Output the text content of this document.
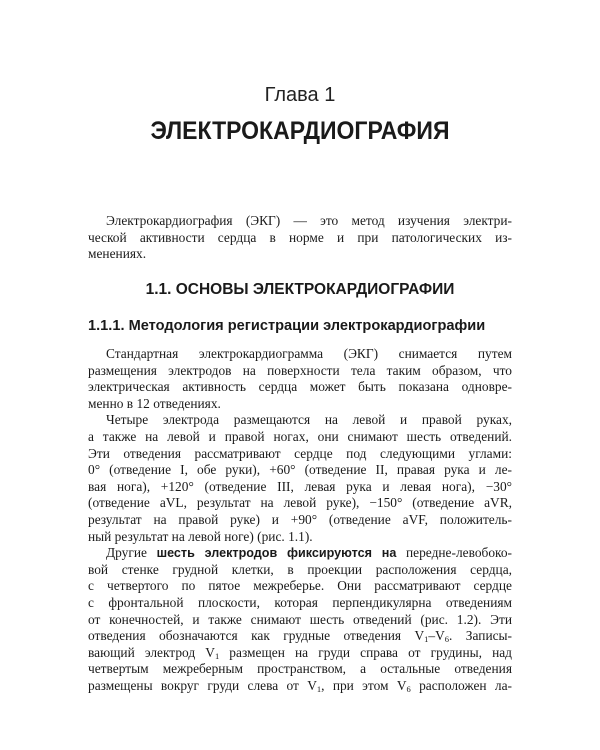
Глава 1
ЭЛЕКТРОКАРДИОГРАФИЯ
Электрокардиография (ЭКГ) — это метод изучения электри-
ческой активности сердца в норме и при патологических из-
менениях.
1.1. ОСНОВЫ ЭЛЕКТРОКАРДИОГРАФИИ
1.1.1. Методология регистрации электрокардиографии
Стандартная электрокардиограмма (ЭКГ) снимается путем
размещения электродов на поверхности тела таким образом, что
электрическая активность сердца может быть показана одновре-
менно в 12 отведениях.
Четыре электрода размещаются на левой и правой руках,
а также на левой и правой ногах, они снимают шесть отведений.
Эти отведения рассматривают сердце под следующими углами:
0° (отведение I, обе руки), +60° (отведение II, правая рука и ле-
вая нога), +120° (отведение III, левая рука и левая нога), −30°
(отведение aVL, результат на левой руке), −150° (отведение aVR,
результат на правой руке) и +90° (отведение aVF, положитель-
ный результат на левой ноге) (рис. 1.1).
Другие шесть электродов фиксируются на передне-левобоко-
вой стенке грудной клетки, в проекции расположения сердца,
с четвертого по пятое межреберье. Они рассматривают сердце
с фронтальной плоскости, которая перпендикулярна отведениям
от конечностей, и также снимают шесть отведений (рис. 1.2). Эти
отведения обозначаются как грудные отведения $V_1-V_6$. Записы-
вающий электрод $V_1$ размещен на груди справа от грудины, над
четвертым межреберным пространством, а остальные отведения
размещены вокруг груди слева от $V_1$, при этом $V_6$ расположен ла-
